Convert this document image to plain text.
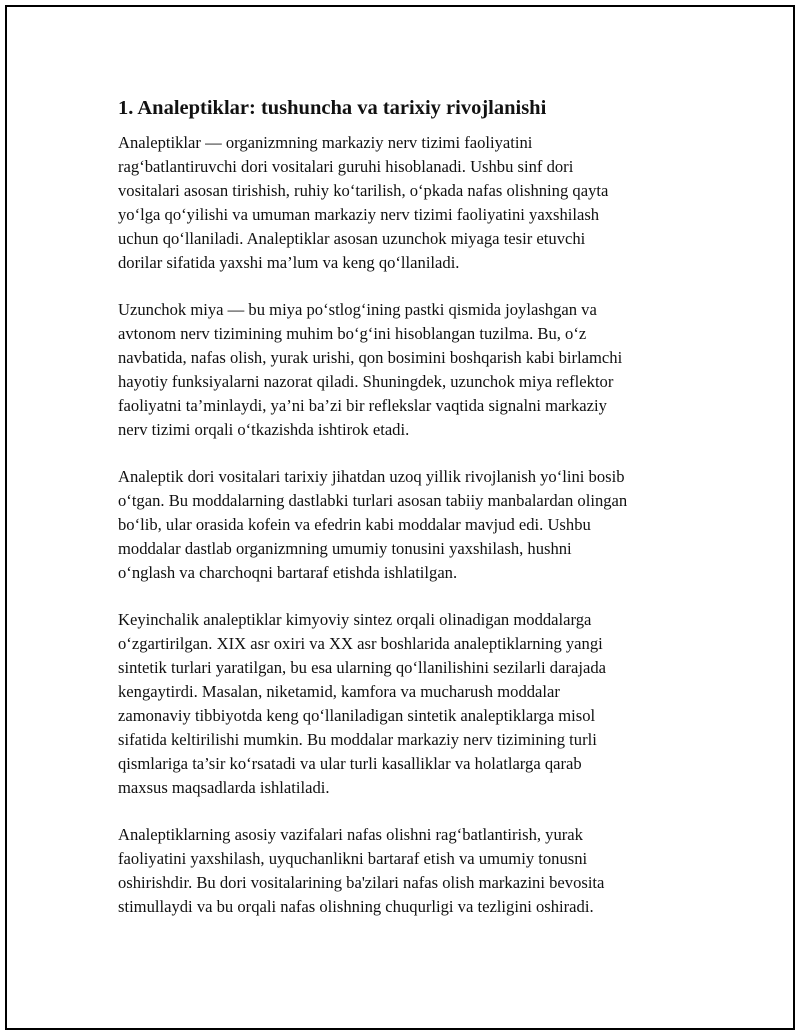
1. Analeptiklar: tushuncha va tarixiy rivojlanishi

Analeptiklar — organizmning markaziy nerv tizimi faoliyatini
rag‘batlantiruvchi dori vositalari guruhi hisoblanadi. Ushbu sinf dori
vositalari asosan tirishish, ruhiy ko‘tarilish, o‘pkada nafas olishning qayta
yo‘lga qo‘yilishi va umuman markaziy nerv tizimi faoliyatini yaxshilash
uchun qo‘llaniladi. Analeptiklar asosan uzunchok miyaga tesir etuvchi
dorilar sifatida yaxshi ma’lum va keng qo‘llaniladi.

Uzunchok miya — bu miya po‘stlog‘ining pastki qismida joylashgan va
avtonom nerv tizimining muhim bo‘g‘ini hisoblangan tuzilma. Bu, o‘z
navbatida, nafas olish, yurak urishi, qon bosimini boshqarish kabi birlamchi
hayotiy funksiyalarni nazorat qiladi. Shuningdek, uzunchok miya reflektor
faoliyatni ta’minlaydi, ya’ni ba’zi bir reflekslar vaqtida signalni markaziy
nerv tizimi orqali o‘tkazishda ishtirok etadi.

Analeptik dori vositalari tarixiy jihatdan uzoq yillik rivojlanish yo‘lini bosib
o‘tgan. Bu moddalarning dastlabki turlari asosan tabiiy manbalardan olingan
bo‘lib, ular orasida kofein va efedrin kabi moddalar mavjud edi. Ushbu
moddalar dastlab organizmning umumiy tonusini yaxshilash, hushni
o‘nglash va charchoqni bartaraf etishda ishlatilgan.

Keyinchalik analeptiklar kimyoviy sintez orqali olinadigan moddalarga
o‘zgartirilgan. XIX asr oxiri va XX asr boshlarida analeptiklarning yangi
sintetik turlari yaratilgan, bu esa ularning qo‘llanilishini sezilarli darajada
kengaytirdi. Masalan, niketamid, kamfora va mucharush moddalar
zamonaviy tibbiyotda keng qo‘llaniladigan sintetik analeptiklarga misol
sifatida keltirilishi mumkin. Bu moddalar markaziy nerv tizimining turli
qismlariga ta’sir ko‘rsatadi va ular turli kasalliklar va holatlarga qarab
maxsus maqsadlarda ishlatiladi.

Analeptiklarning asosiy vazifalari nafas olishni rag‘batlantirish, yurak
faoliyatini yaxshilash, uyquchanlikni bartaraf etish va umumiy tonusni
oshirishdir. Bu dori vositalarining ba'zilari nafas olish markazini bevosita
stimullaydi va bu orqali nafas olishning chuqurligi va tezligini oshiradi.
